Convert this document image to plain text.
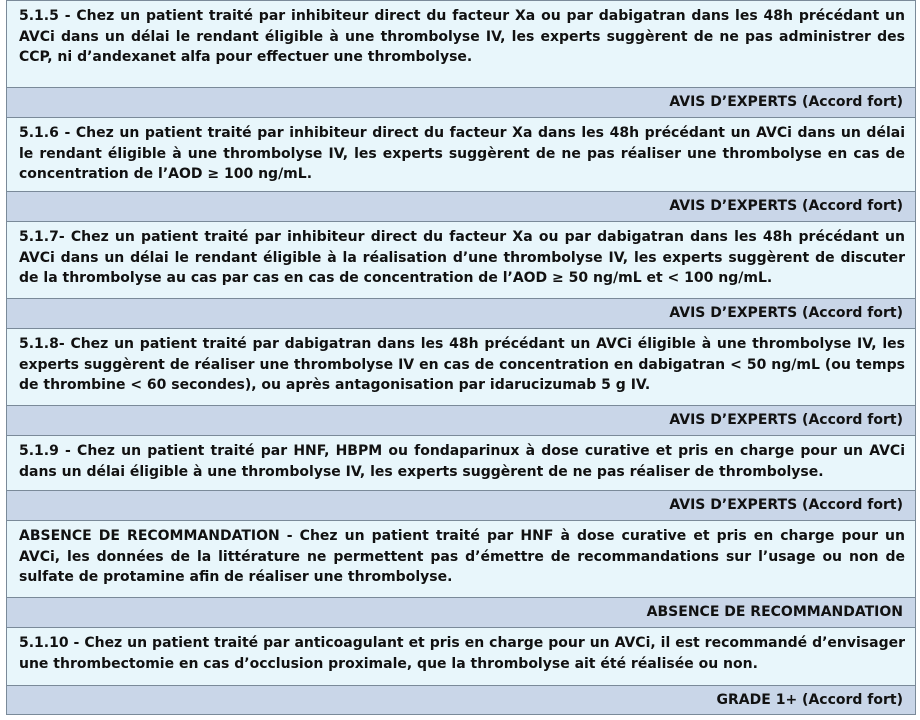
5.1.5 - Chez un patient traité par inhibiteur direct du facteur Xa ou par dabigatran dans les 48h précédant un AVCi dans un délai le rendant éligible à une thrombolyse IV, les experts suggèrent de ne pas administrer des CCP, ni d’andexanet alfa pour effectuer une thrombolyse.
AVIS D’EXPERTS (Accord fort)
5.1.6 - Chez un patient traité par inhibiteur direct du facteur Xa dans les 48h précédant un AVCi dans un délai le rendant éligible à une thrombolyse IV, les experts suggèrent de ne pas réaliser une thrombolyse en cas de concentration de l’AOD ≥ 100 ng/mL.
AVIS D’EXPERTS (Accord fort)
5.1.7- Chez un patient traité par inhibiteur direct du facteur Xa ou par dabigatran dans les 48h précédant un AVCi dans un délai le rendant éligible à la réalisation d’une thrombolyse IV, les experts suggèrent de discuter de la thrombolyse au cas par cas en cas de concentration de l’AOD ≥ 50 ng/mL et < 100 ng/mL.
AVIS D’EXPERTS (Accord fort)
5.1.8- Chez un patient traité par dabigatran dans les 48h précédant un AVCi éligible à une thrombolyse IV, les experts suggèrent de réaliser une thrombolyse IV en cas de concentration en dabigatran < 50 ng/mL (ou temps de thrombine < 60 secondes), ou après antagonisation par idarucizumab 5 g IV.
AVIS D’EXPERTS (Accord fort)
5.1.9 - Chez un patient traité par HNF, HBPM ou fondaparinux à dose curative et pris en charge pour un AVCi dans un délai éligible à une thrombolyse IV, les experts suggèrent de ne pas réaliser de thrombolyse.
AVIS D’EXPERTS (Accord fort)
ABSENCE DE RECOMMANDATION - Chez un patient traité par HNF à dose curative et pris en charge pour un AVCi, les données de la littérature ne permettent pas d’émettre de recommandations sur l’usage ou non de sulfate de protamine afin de réaliser une thrombolyse.
ABSENCE DE RECOMMANDATION
5.1.10 - Chez un patient traité par anticoagulant et pris en charge pour un AVCi, il est recommandé d’envisager une thrombectomie en cas d’occlusion proximale, que la thrombolyse ait été réalisée ou non.
GRADE 1+ (Accord fort)
